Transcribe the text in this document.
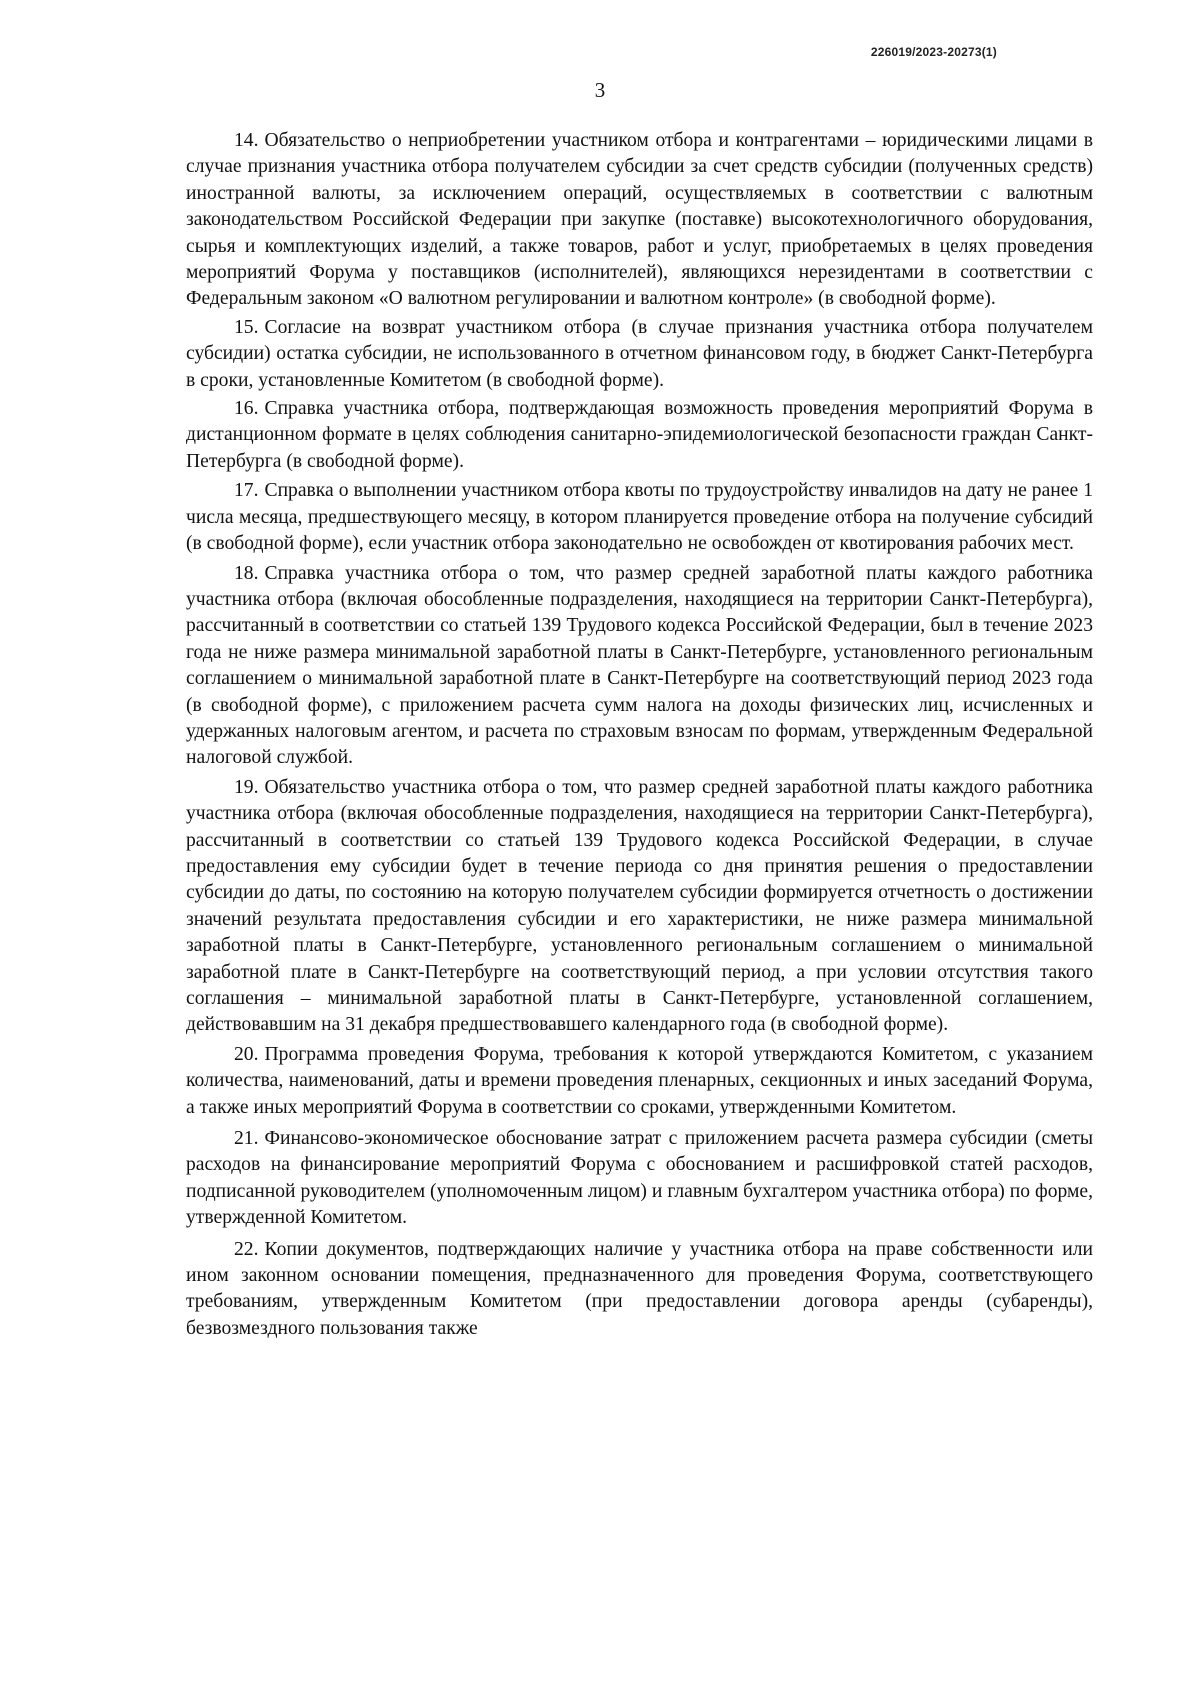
226019/2023-20273(1)
3

14. Обязательство о неприобретении участником отбора и контрагентами – юридическими лицами в случае признания участника отбора получателем субсидии за счет средств субсидии (полученных средств) иностранной валюты, за исключением операций, осуществляемых в соответствии с валютным законодательством Российской Федерации при закупке (поставке) высокотехнологичного оборудования, сырья и комплектующих изделий, а также товаров, работ и услуг, приобретаемых в целях проведения мероприятий Форума у поставщиков (исполнителей), являющихся нерезидентами в соответствии с Федеральным законом «О валютном регулировании и валютном контроле» (в свободной форме).

15. Согласие на возврат участником отбора (в случае признания участника отбора получателем субсидии) остатка субсидии, не использованного в отчетном финансовом году, в бюджет Санкт-Петербурга в сроки, установленные Комитетом (в свободной форме).

16. Справка участника отбора, подтверждающая возможность проведения мероприятий Форума в дистанционном формате в целях соблюдения санитарно-эпидемиологической безопасности граждан Санкт-Петербурга (в свободной форме).

17. Справка о выполнении участником отбора квоты по трудоустройству инвалидов на дату не ранее 1 числа месяца, предшествующего месяцу, в котором планируется проведение отбора на получение субсидий (в свободной форме), если участник отбора законодательно не освобожден от квотирования рабочих мест.

18. Справка участника отбора о том, что размер средней заработной платы каждого работника участника отбора (включая обособленные подразделения, находящиеся на территории Санкт-Петербурга), рассчитанный в соответствии со статьей 139 Трудового кодекса Российской Федерации, был в течение 2023 года не ниже размера минимальной заработной платы в Санкт-Петербурге, установленного региональным соглашением о минимальной заработной плате в Санкт-Петербурге на соответствующий период 2023 года (в свободной форме), с приложением расчета сумм налога на доходы физических лиц, исчисленных и удержанных налоговым агентом, и расчета по страховым взносам по формам, утвержденным Федеральной налоговой службой.

19. Обязательство участника отбора о том, что размер средней заработной платы каждого работника участника отбора (включая обособленные подразделения, находящиеся на территории Санкт-Петербурга), рассчитанный в соответствии со статьей 139 Трудового кодекса Российской Федерации, в случае предоставления ему субсидии будет в течение периода со дня принятия решения о предоставлении субсидии до даты, по состоянию на которую получателем субсидии формируется отчетность о достижении значений результата предоставления субсидии и его характеристики, не ниже размера минимальной заработной платы в Санкт-Петербурге, установленного региональным соглашением о минимальной заработной плате в Санкт-Петербурге на соответствующий период, а при условии отсутствия такого соглашения – минимальной заработной платы в Санкт-Петербурге, установленной соглашением, действовавшим на 31 декабря предшествовавшего календарного года (в свободной форме).

20. Программа проведения Форума, требования к которой утверждаются Комитетом, с указанием количества, наименований, даты и времени проведения пленарных, секционных и иных заседаний Форума, а также иных мероприятий Форума в соответствии со сроками, утвержденными Комитетом.

21. Финансово-экономическое обоснование затрат с приложением расчета размера субсидии (сметы расходов на финансирование мероприятий Форума с обоснованием и расшифровкой статей расходов, подписанной руководителем (уполномоченным лицом) и главным бухгалтером участника отбора) по форме, утвержденной Комитетом.

22. Копии документов, подтверждающих наличие у участника отбора на праве собственности или ином законном основании помещения, предназначенного для проведения Форума, соответствующего требованиям, утвержденным Комитетом (при предоставлении договора аренды (субаренды), безвозмездного пользования также
